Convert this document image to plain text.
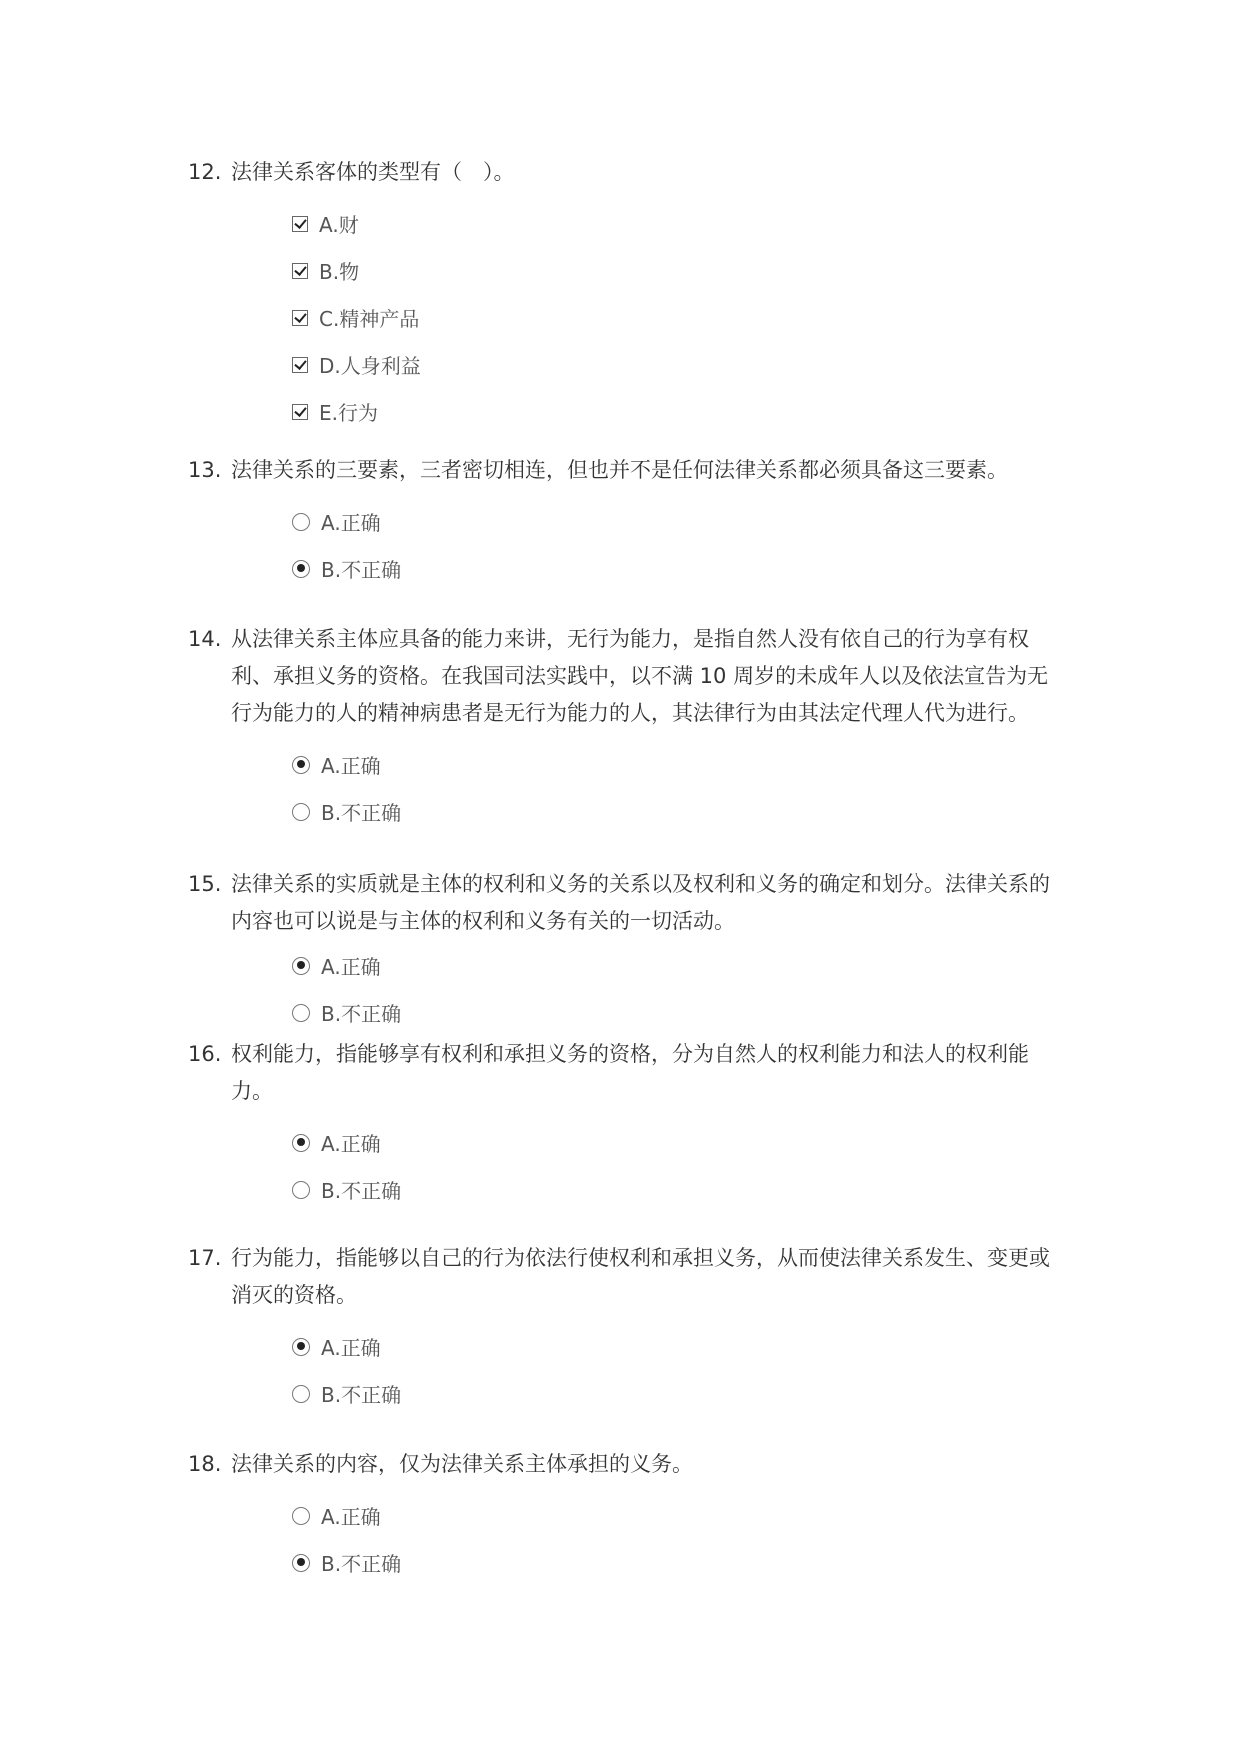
12. 法律关系客体的类型有（　）。
A.财
B.物
C.精神产品
D.人身利益
E.行为
13. 法律关系的三要素，三者密切相连，但也并不是任何法律关系都必须具备这三要素。
A.正确
B.不正确
14. 从法律关系主体应具备的能力来讲，无行为能力，是指自然人没有依自己的行为享有权利、承担义务的资格。在我国司法实践中，以不满 10 周岁的未成年人以及依法宣告为无行为能力的人的精神病患者是无行为能力的人，其法律行为由其法定代理人代为进行。
A.正确
B.不正确
15. 法律关系的实质就是主体的权利和义务的关系以及权利和义务的确定和划分。法律关系的内容也可以说是与主体的权利和义务有关的一切活动。
A.正确
B.不正确
16. 权利能力，指能够享有权利和承担义务的资格，分为自然人的权利能力和法人的权利能力。
A.正确
B.不正确
17. 行为能力，指能够以自己的行为依法行使权利和承担义务，从而使法律关系发生、变更或消灭的资格。
A.正确
B.不正确
18. 法律关系的内容，仅为法律关系主体承担的义务。
A.正确
B.不正确
